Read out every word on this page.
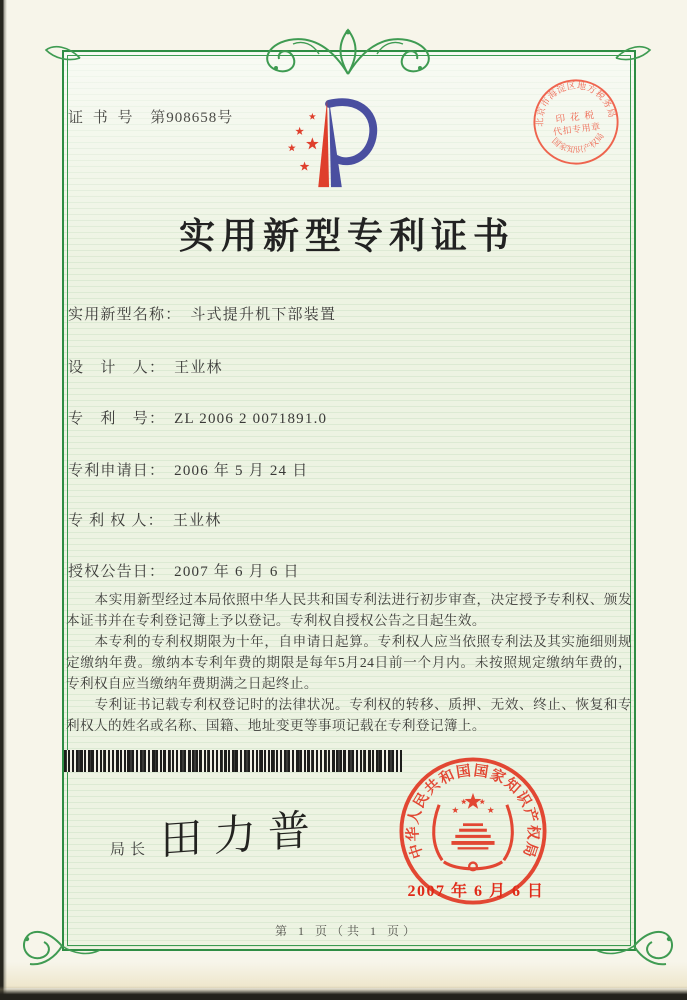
证 书 号 第908658号	北京市海淀区地方税务局
国家知识产权局
印 花 税
代扣专用章
实用新型专利证书
实用新型名称： 斗式提升机下部装置
设　计　人： 王业林
专　利　号： ZL 2006 2 0071891.0
专利申请日： 2006 年 5 月 24 日
专 利 权 人： 王业林
授权公告日： 2007 年 6 月 6 日

本实用新型经过本局依照中华人民共和国专利法进行初步审查，决定授予专利权、颁发本证书并在专利登记簿上予以登记。专利权自授权公告之日起生效。

本专利的专利权期限为十年，自申请日起算。专利权人应当依照专利法及其实施细则规定缴纳年费。缴纳本专利年费的期限是每年5月24日前一个月内。未按照规定缴纳年费的，专利权自应当缴纳年费期满之日起终止。

专利证书记载专利权登记时的法律状况。专利权的转移、质押、无效、终止、恢复和专利权人的姓名或名称、国籍、地址变更等事项记载在专利登记簿上。

局长 田力普	中华人民共和国国家知识产权局
2007 年 6 月 6 日
第 1 页（共 1 页）
